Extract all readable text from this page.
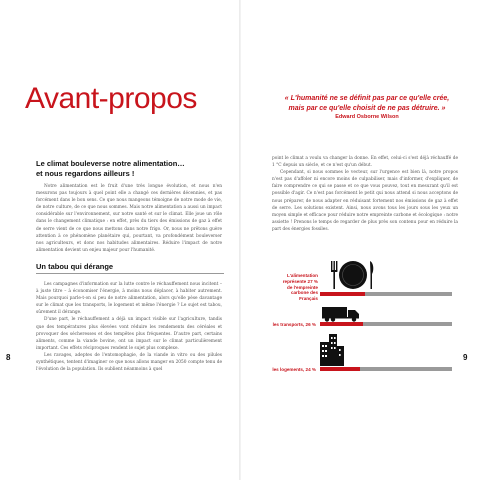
Avant-propos
Le climat bouleverse notre alimentation…
et nous regardons ailleurs !

Notre alimentation est le fruit d'une très longue évolution, et nous n'en mesurons pas toujours à quel point elle a changé ces dernières décennies, et pas forcément dans le bon sens. Ce que nous mangeons témoigne de notre mode de vie, de notre culture, de ce que nous sommes. Mais notre alimentation a aussi un impact considérable sur l'environnement, sur notre santé et sur le climat. Elle joue un rôle dans le changement climatique : en effet, près du tiers des émissions de gaz à effet de serre vient de ce que nous mettons dans notre frigo. Or, nous ne prêtons guère attention à ce phénomène planétaire qui, pourtant, va profondément bouleverser nos agriculteurs, et donc nos habitudes alimentaires. Réduire l'impact de notre alimentation devient un enjeu majeur pour l'humanité.

Un tabou qui dérange

Les campagnes d'information sur la lutte contre le réchauffement nous incitent – à juste titre – à économiser l'énergie, à moins nous déplacer, à habiter autrement. Mais pourquoi parle-t-on si peu de notre alimentation, alors qu'elle pèse davantage sur le climat que les transports, le logement et même l'énergie ? Le sujet est tabou, sûrement il dérange.

D'une part, le réchauffement a déjà un impact visible sur l'agriculture, tandis que des températures plus élevées vont réduire les rendements des céréales et provoquer des sécheresses et des tempêtes plus fréquentes. D'autre part, certains aliments, comme la viande bovine, ont un impact sur le climat particulièrement important. Ces effets réciproques rendent le sujet plus complexe.

Les ravages, adeptes de l'entomophagie, de la viande in vitro ou des pilules synthétiques, tentent d'imaginer ce que nous allons manger en 2050 compte tenu de l'évolution de la population. Ils oublient néanmoins à quel

8
« L'humanité ne se définit pas par ce qu'elle crée,
mais par ce qu'elle choisit de ne pas détruire. »
Edward Osborne Wilson

point le climat a voulu va changer la donne. En effet, celui-ci s'est déjà réchauffé de 1 °C depuis un siècle, et ce n'est qu'un début.

Cependant, si nous sommes le vecteur, sur l'urgence est bien là, notre propos n'est pas d'affoler ni encore moins de culpabiliser, mais d'informer, d'expliquer, de faire comprendre ce qui se passe et ce que vous pouvez, tout en mesurant qu'il est possible d'agir. Ce n'est pas forcément le petit qui nous attend si nous acceptons de nous préparer, de nous adapter en réduisant fortement nos émissions de gaz à effet de serre. Les solutions existent. Ainsi, nous avons tous les jours sous les yeux un moyen simple et efficace pour réduire notre empreinte carbone et écologique : notre assiette ! Prenons le temps de regarder de plus près son contenu pour en réduire la part des énergies fossiles.

L'alimentation
représente 27 %
de l'empreinte
carbone des Français
les transports, 26 %
les logements, 24 %
9
